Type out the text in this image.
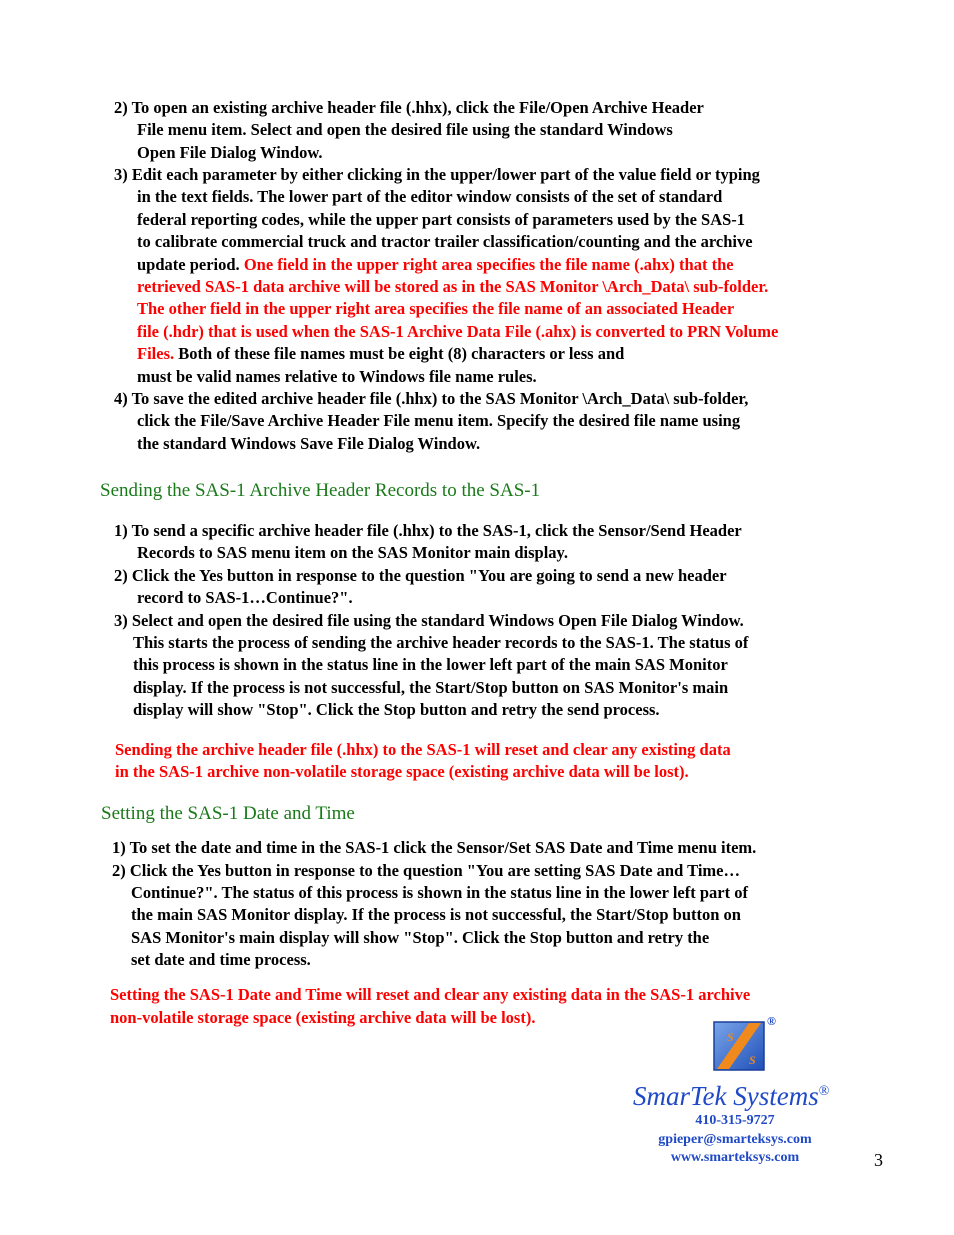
2) To open an existing archive header file (.hhx), click the File/Open Archive Header
File menu item. Select and open the desired file using the standard Windows
Open File Dialog Window.
3) Edit each parameter by either clicking in the upper/lower part of the value field or typing
in the text fields. The lower part of the editor window consists of the set of standard
federal reporting codes, while the upper part consists of parameters used by the SAS-1
to calibrate commercial truck and tractor trailer classification/counting and the archive
update period. One field in the upper right area specifies the file name (.ahx) that the
retrieved SAS-1 data archive will be stored as in the SAS Monitor \Arch_Data\ sub-folder.
The other field in the upper right area specifies the file name of an associated Header
file (.hdr) that is used when the SAS-1 Archive Data File (.ahx) is converted to PRN Volume
Files. Both of these file names must be eight (8) characters or less and
must be valid names relative to Windows file name rules.
4) To save the edited archive header file (.hhx) to the SAS Monitor \Arch_Data\ sub-folder,
click the File/Save Archive Header File menu item. Specify the desired file name using
the standard Windows Save File Dialog Window.
Sending the SAS-1 Archive Header Records to the SAS-1
1) To send a specific archive header file (.hhx) to the SAS-1, click the Sensor/Send Header
Records to SAS menu item on the SAS Monitor main display.
2) Click the Yes button in response to the question "You are going to send a new header
record to SAS-1…Continue?".
3) Select and open the desired file using the standard Windows Open File Dialog Window.
This starts the process of sending the archive header records to the SAS-1. The status of
this process is shown in the status line in the lower left part of the main SAS Monitor
display. If the process is not successful, the Start/Stop button on SAS Monitor's main
display will show "Stop". Click the Stop button and retry the send process.
Sending the archive header file (.hhx) to the SAS-1 will reset and clear any existing data
in the SAS-1 archive non-volatile storage space (existing archive data will be lost).
Setting the SAS-1 Date and Time
1) To set the date and time in the SAS-1 click the Sensor/Set SAS Date and Time menu item.
2) Click the Yes button in response to the question "You are setting SAS Date and Time…
Continue?". The status of this process is shown in the status line in the lower left part of
the main SAS Monitor display. If the process is not successful, the Start/Stop button on
SAS Monitor's main display will show "Stop". Click the Stop button and retry the
set date and time process.
Setting the SAS-1 Date and Time will reset and clear any existing data in the SAS-1 archive
non-volatile storage space (existing archive data will be lost).
S
S
®
SmarTek Systems®
410-315-9727
gpieper@smarteksys.com
www.smarteksys.com	3
